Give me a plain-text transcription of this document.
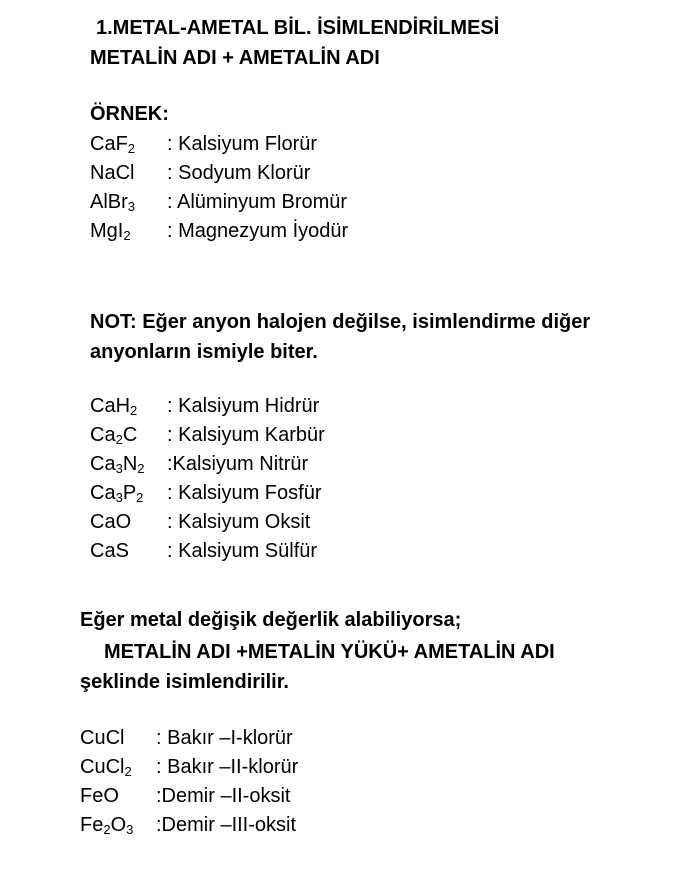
1.METAL-AMETAL BİL. İSİMLENDİRİLMESİ
METALİN ADI + AMETALİN ADI
ÖRNEK:
CaF$_2$ : Kalsiyum Florür
NaCl : Sodyum Klorür
AlBr$_3$ : Alüminyum Bromür
MgI$_2$ : Magnezyum İyodür
NOT: Eğer anyon halojen değilse, isimlendirme diğer
anyonların ismiyle biter.
CaH$_2$ : Kalsiyum Hidrür
$Ca_2C$ : Kalsiyum Karbür
$Ca_3N_2$ :Kalsiyum Nitrür
$Ca_3P_2$ : Kalsiyum Fosfür
CaO : Kalsiyum Oksit
CaS : Kalsiyum Sülfür
Eğer metal değişik değerlik alabiliyorsa;
METALİN ADI +METALİN YÜKÜ+ AMETALİN ADI
şeklinde isimlendirilir.
CuCl : Bakır –I-klorür
CuCl$_2$ : Bakır –II-klorür
FeO :Demir –II-oksit
$Fe_2O_3$ :Demir –III-oksit
